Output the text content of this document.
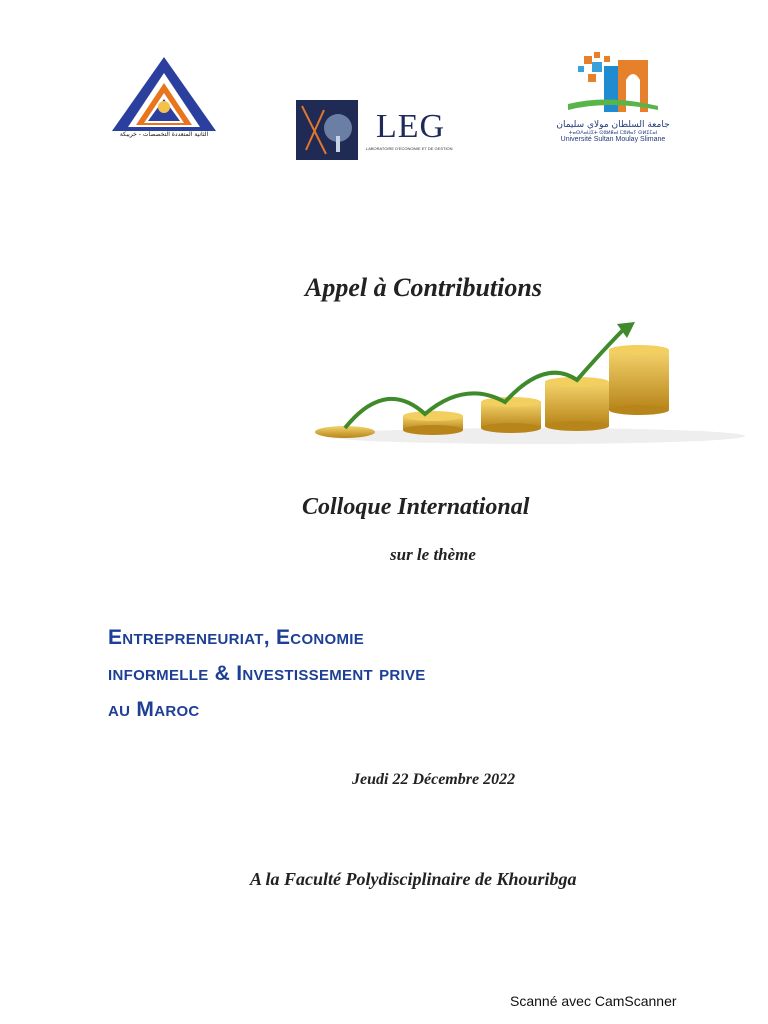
الثانية المتعددة التخصصات - خريبكة	LEG
LABORATOIRE D'ECONOMIE ET DE GESTION
جامعة السلطان مولاي سليمان
ⵜⴰⵙⴷⴰⵡⵉⵜ ⵙⵓⵍⵟⴰⵏ ⵎⵓⵍⴰⵢ ⵙⵍⵉⵎⴰⵏ
Université Sultan Moulay Slimane
Appel à Contributions
Colloque International
sur le thème
Entrepreneuriat, Economie
informelle & Investissement prive
au Maroc
Jeudi 22 Décembre 2022
A la Faculté Polydisciplinaire de Khouribga
Scanné avec CamScanner
